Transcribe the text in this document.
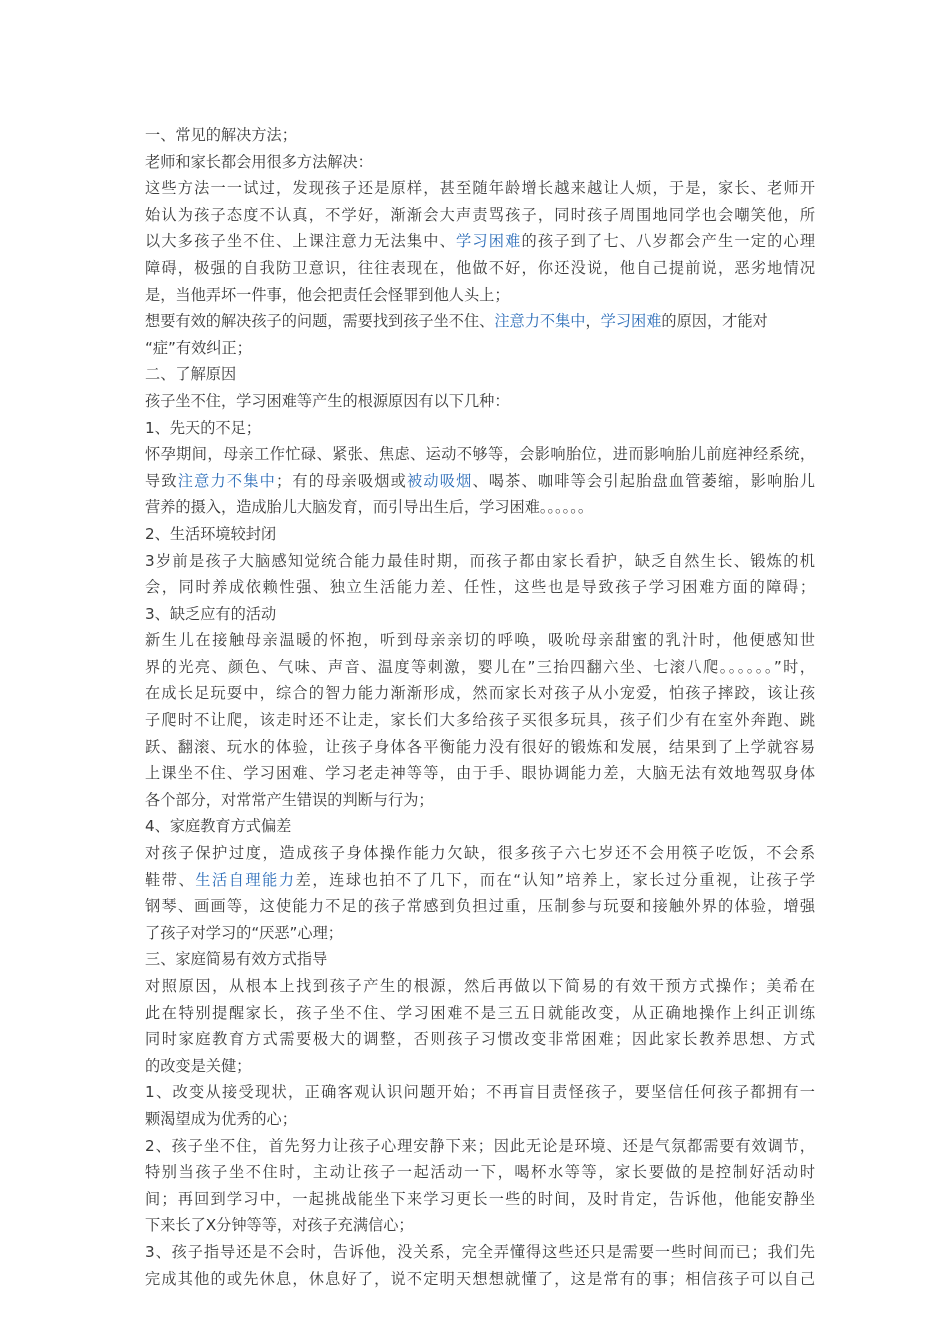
一、常见的解决方法；
老师和家长都会用很多方法解决：
这些方法一一试过，发现孩子还是原样，甚至随年龄增长越来越让人烦，于是，家长、老师开
始认为孩子态度不认真，不学好，渐渐会大声责骂孩子，同时孩子周围地同学也会嘲笑他，所
以大多孩子坐不住、上课注意力无法集中、学习困难的孩子到了七、八岁都会产生一定的心理
障碍，极强的自我防卫意识，往往表现在，他做不好，你还没说，他自己提前说，恶劣地情况
是，当他弄坏一件事，他会把责任会怪罪到他人头上；
想要有效的解决孩子的问题，需要找到孩子坐不住、注意力不集中，学习困难的原因，才能对
“症”有效纠正；
二、了解原因
孩子坐不住，学习困难等产生的根源原因有以下几种：
1、先天的不足；
怀孕期间，母亲工作忙碌、紧张、焦虑、运动不够等，会影响胎位，进而影响胎儿前庭神经系统，
导致注意力不集中；有的母亲吸烟或被动吸烟、喝茶、咖啡等会引起胎盘血管萎缩，影响胎儿
营养的摄入，造成胎儿大脑发育，而引导出生后，学习困难。。。。。。
2、生活环境较封闭
3岁前是孩子大脑感知觉统合能力最佳时期，而孩子都由家长看护，缺乏自然生长、锻炼的机
会，同时养成依赖性强、独立生活能力差、任性，这些也是导致孩子学习困难方面的障碍；
3、缺乏应有的活动
新生儿在接触母亲温暖的怀抱，听到母亲亲切的呼唤，吸吮母亲甜蜜的乳汁时，他便感知世
界的光亮、颜色、气味、声音、温度等刺激，婴儿在”三抬四翻六坐、七滚八爬。。。。。。”时，
在成长足玩耍中，综合的智力能力渐渐形成，然而家长对孩子从小宠爱，怕孩子摔跤，该让孩
子爬时不让爬，该走时还不让走，家长们大多给孩子买很多玩具，孩子们少有在室外奔跑、跳
跃、翻滚、玩水的体验，让孩子身体各平衡能力没有很好的锻炼和发展，结果到了上学就容易
上课坐不住、学习困难、学习老走神等等，由于手、眼协调能力差，大脑无法有效地驾驭身体
各个部分，对常常产生错误的判断与行为；
4、家庭教育方式偏差
对孩子保护过度，造成孩子身体操作能力欠缺，很多孩子六七岁还不会用筷子吃饭，不会系
鞋带、生活自理能力差，连球也拍不了几下，而在“认知”培养上，家长过分重视，让孩子学
钢琴、画画等，这使能力不足的孩子常感到负担过重，压制参与玩耍和接触外界的体验，增强
了孩子对学习的“厌恶”心理；
三、家庭简易有效方式指导
对照原因，从根本上找到孩子产生的根源，然后再做以下简易的有效干预方式操作；美希在
此在特别提醒家长，孩子坐不住、学习困难不是三五日就能改变，从正确地操作上纠正训练
同时家庭教育方式需要极大的调整，否则孩子习惯改变非常困难；因此家长教养思想、方式
的改变是关健；
1、改变从接受现状，正确客观认识问题开始；不再盲目责怪孩子，要坚信任何孩子都拥有一
颗渴望成为优秀的心；
2、孩子坐不住，首先努力让孩子心理安静下来；因此无论是环境、还是气氛都需要有效调节，
特别当孩子坐不住时，主动让孩子一起活动一下，喝杯水等等，家长要做的是控制好活动时
间；再回到学习中，一起挑战能坐下来学习更长一些的时间，及时肯定，告诉他，他能安静坐
下来长了X分钟等等，对孩子充满信心；
3、孩子指导还是不会时，告诉他，没关系，完全弄懂得这些还只是需要一些时间而已；我们先
完成其他的或先休息，休息好了，说不定明天想想就懂了，这是常有的事；相信孩子可以自己
